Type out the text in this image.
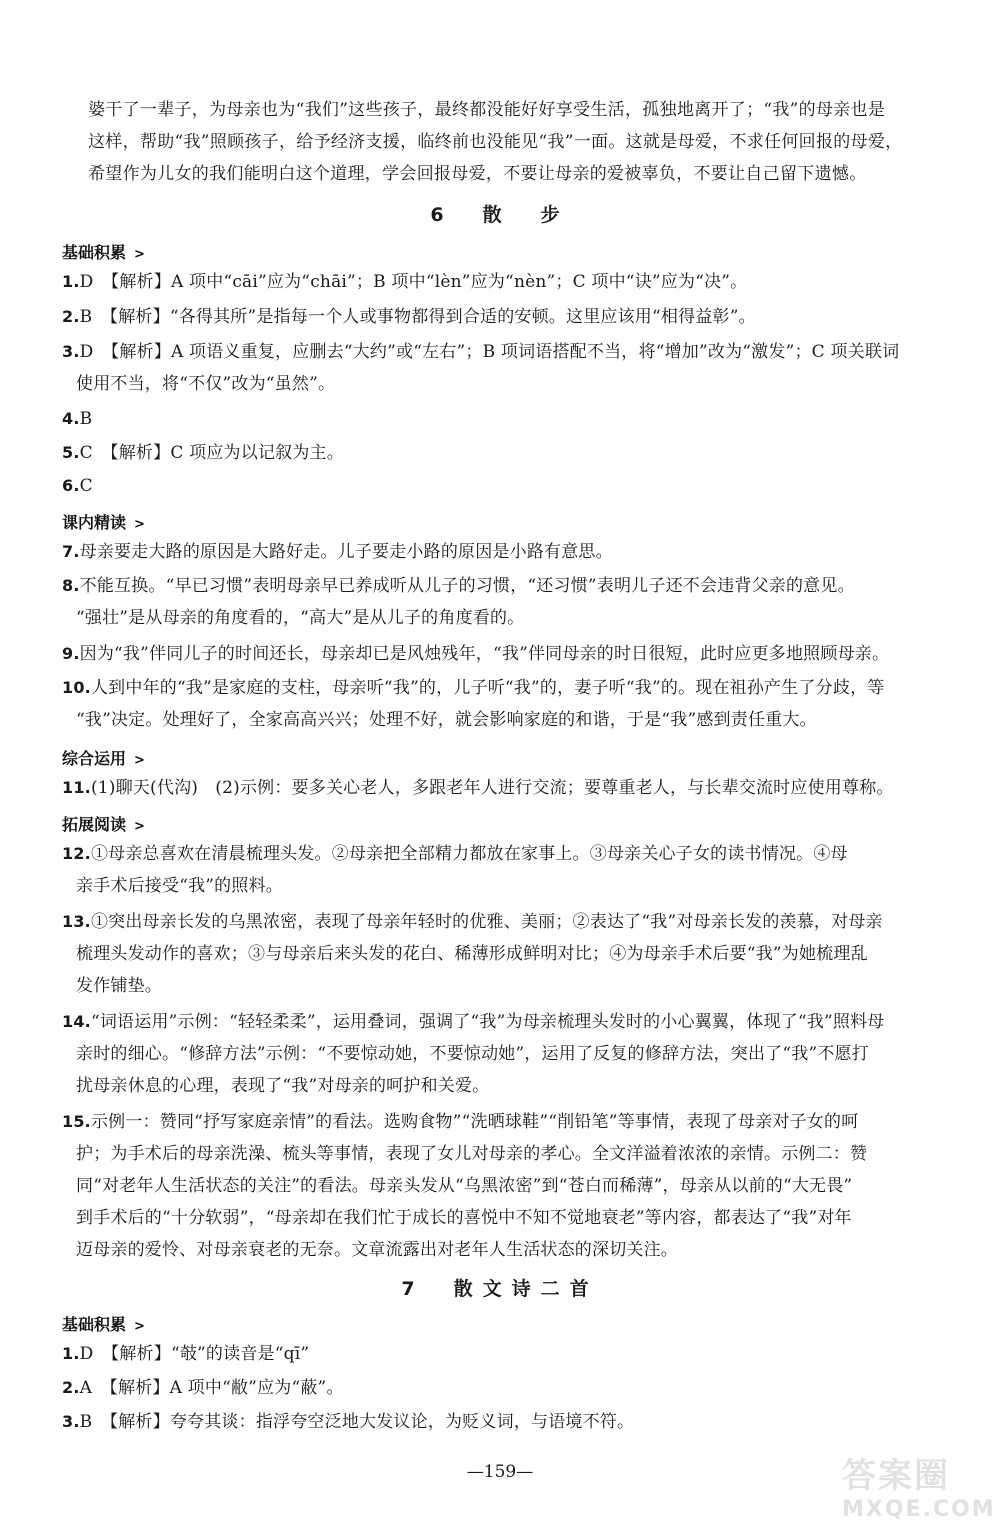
婆干了一辈子，为母亲也为“我们”这些孩子，最终都没能好好享受生活，孤独地离开了；“我”的母亲也是
这样，帮助“我”照顾孩子，给予经济支援，临终前也没能见“我”一面。这就是母爱，不求任何回报的母爱，
希望作为儿女的我们能明白这个道理，学会回报母爱，不要让母亲的爱被辜负，不要让自己留下遗憾。
6　散　步
基础积累 >
1.D　【解析】A 项中“cāi”应为“chāi”；B 项中“lèn”应为“nèn”；C 项中“诀”应为“决”。
2.B　【解析】“各得其所”是指每一个人或事物都得到合适的安顿。这里应该用“相得益彰”。
3.D　【解析】A 项语义重复，应删去“大约”或“左右”；B 项词语搭配不当，将“增加”改为“激发”；C 项关联词
使用不当，将“不仅”改为“虽然”。
4.B
5.C　【解析】C 项应为以记叙为主。
6.C
课内精读 >
7.母亲要走大路的原因是大路好走。儿子要走小路的原因是小路有意思。
8.不能互换。“早已习惯”表明母亲早已养成听从儿子的习惯，“还习惯”表明儿子还不会违背父亲的意见。
“强壮”是从母亲的角度看的，“高大”是从儿子的角度看的。
9.因为“我”伴同儿子的时间还长，母亲却已是风烛残年，“我”伴同母亲的时日很短，此时应更多地照顾母亲。
10.人到中年的“我”是家庭的支柱，母亲听“我”的，儿子听“我”的，妻子听“我”的。现在祖孙产生了分歧，等
“我”决定。处理好了，全家高高兴兴；处理不好，就会影响家庭的和谐，于是“我”感到责任重大。
综合运用 >
11.(1)聊天(代沟)　(2)示例：要多关心老人，多跟老年人进行交流；要尊重老人，与长辈交流时应使用尊称。
拓展阅读 >
12.①母亲总喜欢在清晨梳理头发。②母亲把全部精力都放在家事上。③母亲关心子女的读书情况。④母
亲手术后接受“我”的照料。
13.①突出母亲长发的乌黑浓密，表现了母亲年轻时的优雅、美丽；②表达了“我”对母亲长发的羡慕，对母亲
梳理头发动作的喜欢；③与母亲后来头发的花白、稀薄形成鲜明对比；④为母亲手术后要“我”为她梳理乱
发作铺垫。
14.“词语运用”示例：“轻轻柔柔”，运用叠词，强调了“我”为母亲梳理头发时的小心翼翼，体现了“我”照料母
亲时的细心。“修辞方法”示例：“不要惊动她，不要惊动她”，运用了反复的修辞方法，突出了“我”不愿打
扰母亲休息的心理，表现了“我”对母亲的呵护和关爱。
15.示例一：赞同“抒写家庭亲情”的看法。选购食物”“洗晒球鞋”“削铅笔”等事情，表现了母亲对子女的呵
护；为手术后的母亲洗澡、梳头等事情，表现了女儿对母亲的孝心。全文洋溢着浓浓的亲情。示例二：赞
同“对老年人生活状态的关注”的看法。母亲头发从“乌黑浓密”到“苍白而稀薄”，母亲从以前的“大无畏”
到手术后的“十分软弱”，“母亲却在我们忙于成长的喜悦中不知不觉地衰老”等内容，都表达了“我”对年
迈母亲的爱怜、对母亲衰老的无奈。文章流露出对老年人生活状态的深切关注。
7　散文诗二首
基础积累 >
1.D　【解析】“攲”的读音是“qī”
2.A　【解析】A 项中“敝”应为“蔽”。
3.B　【解析】夸夸其谈：指浮夸空泛地大发议论，为贬义词，与语境不符。
—159—	答案圈
MXQE.COM
